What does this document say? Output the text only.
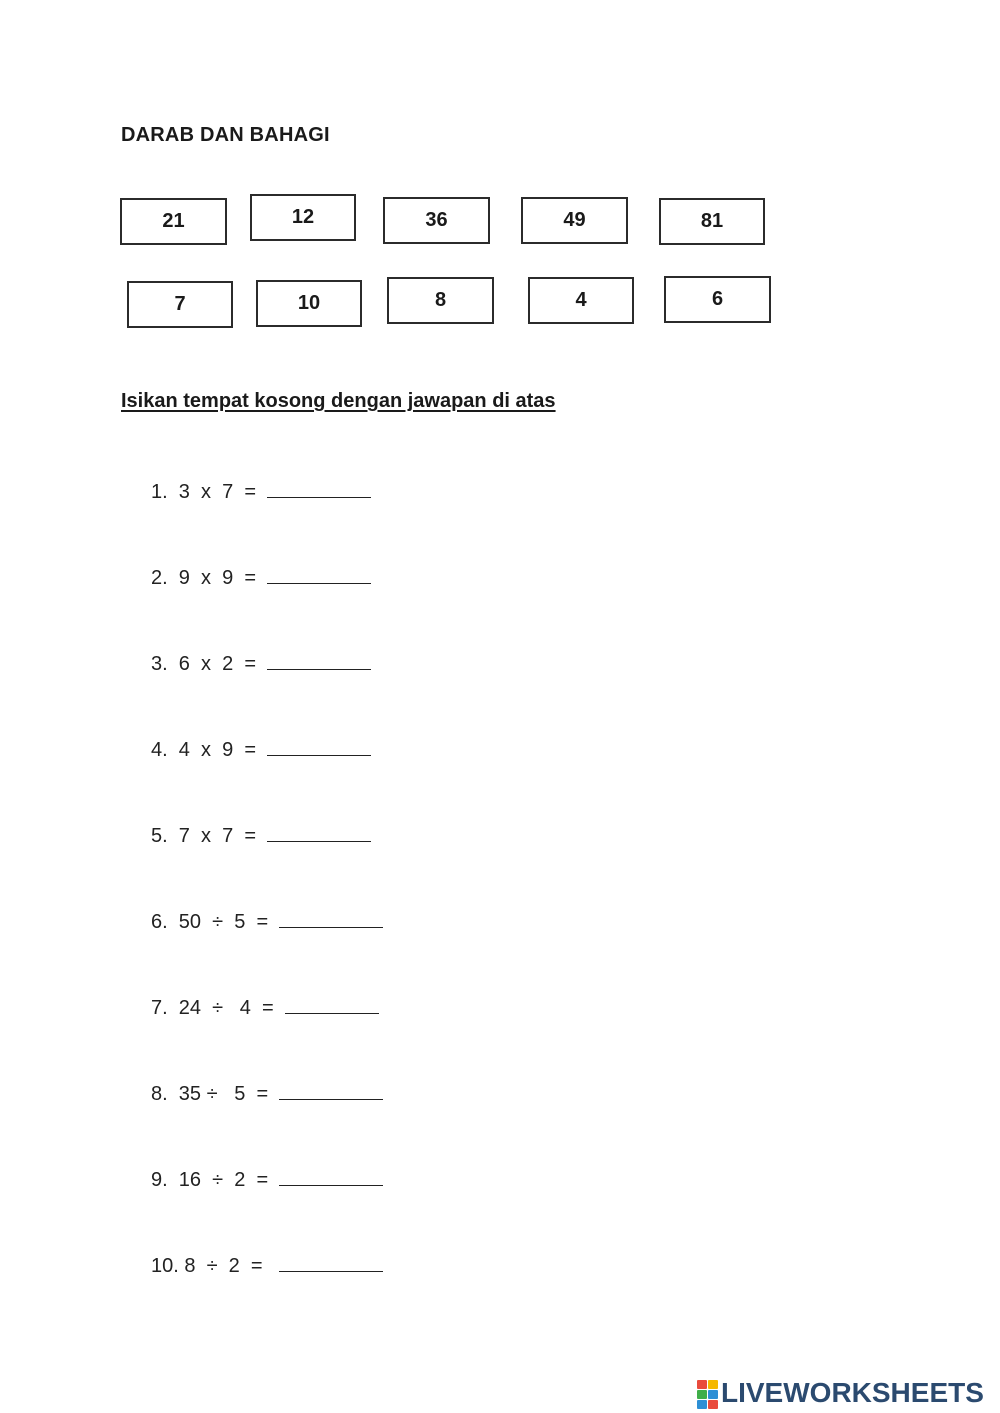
DARAB DAN BAHAGI
21	12	36	49	81
7	10	8	4	6
Isikan tempat kosong dengan jawapan di atas
1.  3  x  7  =
2.  9  x  9  =
3.  6  x  2  =
4.  4  x  9  =
5.  7  x  7  =
6.  50  ÷  5  =
7.  24  ÷   4  =
8.  35 ÷   5  =
9.  16  ÷  2  =
10. 8  ÷  2  =
LIVEWORKSHEETS
